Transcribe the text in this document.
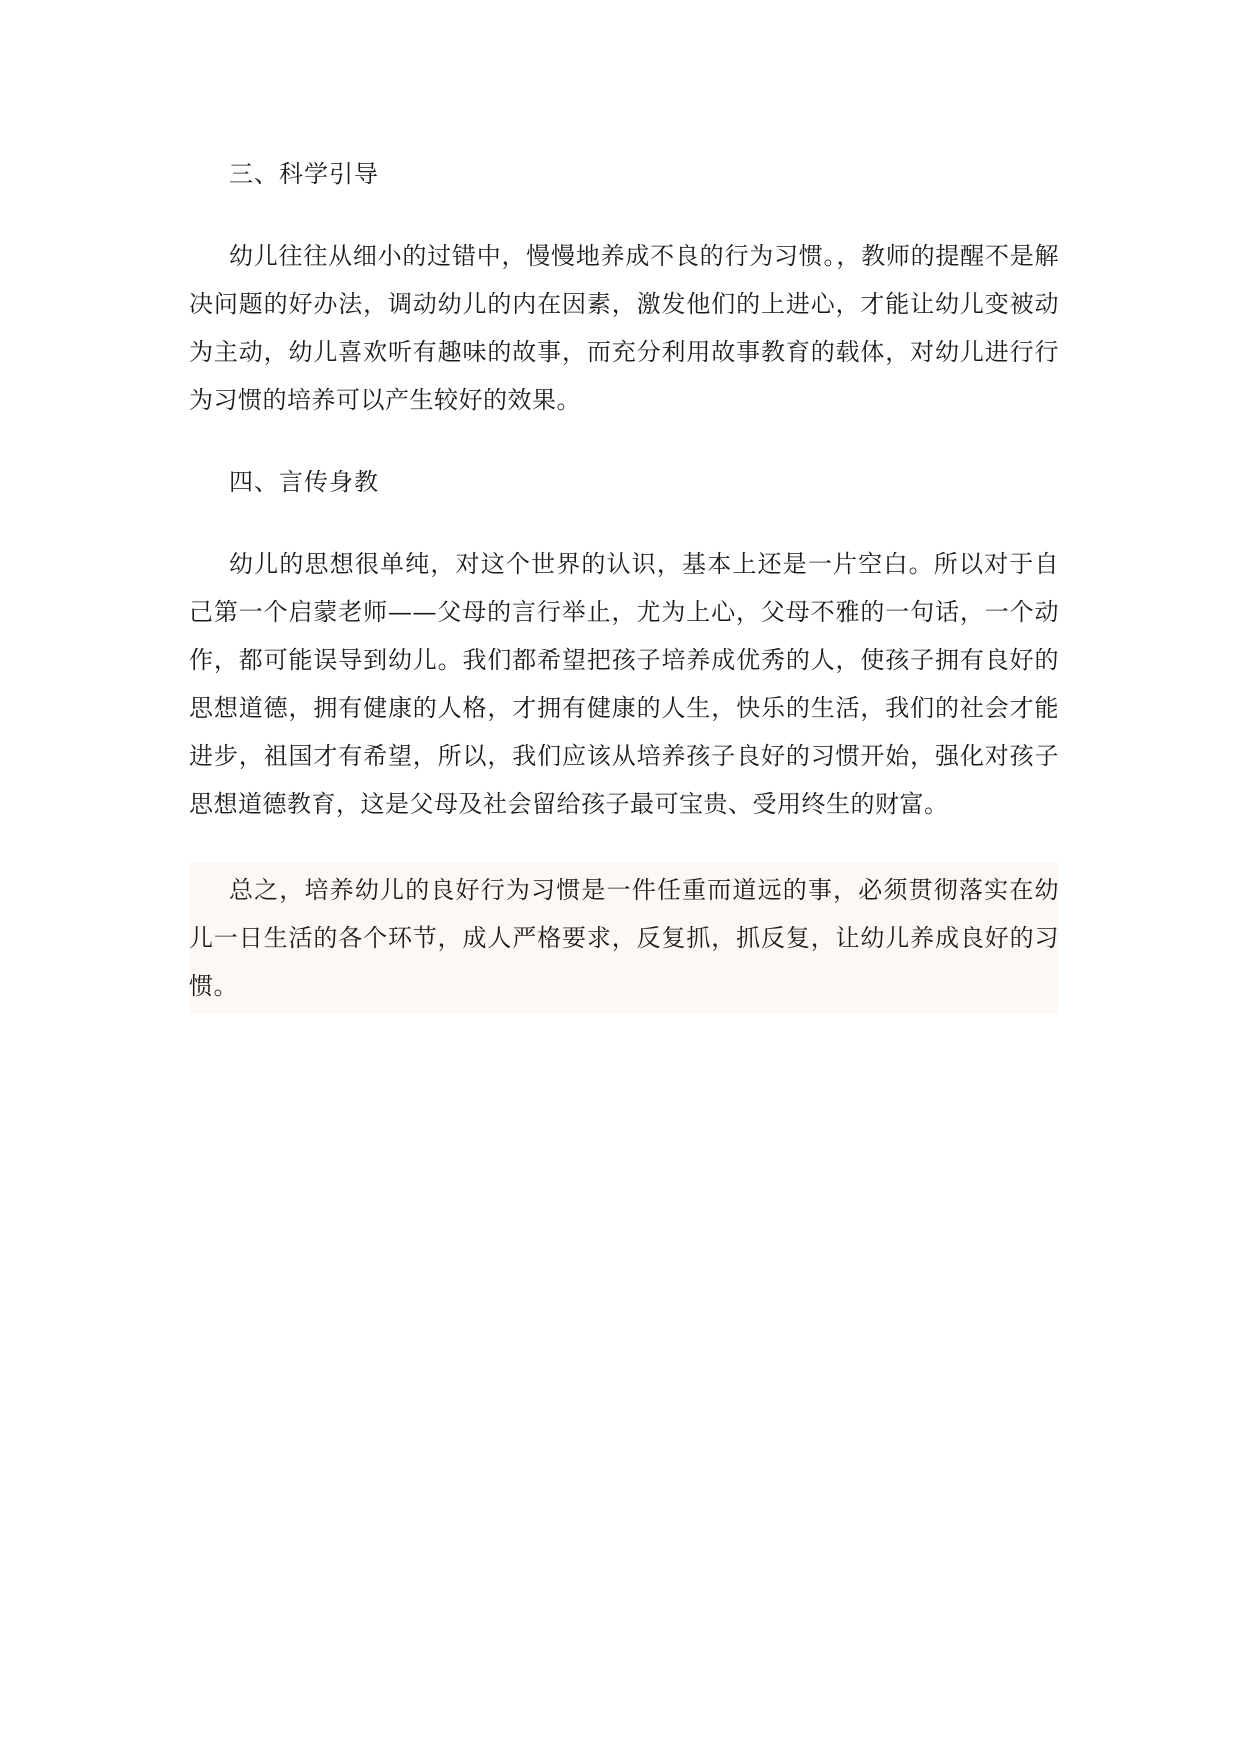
三、科学引导
幼儿往往从细小的过错中，慢慢地养成不良的行为习惯。，教师的提醒不是解决问题的好办法，调动幼儿的内在因素，激发他们的上进心，才能让幼儿变被动为主动，幼儿喜欢听有趣味的故事，而充分利用故事教育的载体，对幼儿进行行为习惯的培养可以产生较好的效果。
四、言传身教
幼儿的思想很单纯，对这个世界的认识，基本上还是一片空白。所以对于自己第一个启蒙老师——父母的言行举止，尤为上心，父母不雅的一句话，一个动作，都可能误导到幼儿。我们都希望把孩子培养成优秀的人，使孩子拥有良好的思想道德，拥有健康的人格，才拥有健康的人生，快乐的生活，我们的社会才能进步，祖国才有希望，所以，我们应该从培养孩子良好的习惯开始，强化对孩子思想道德教育，这是父母及社会留给孩子最可宝贵、受用终生的财富。
总之，培养幼儿的良好行为习惯是一件任重而道远的事，必须贯彻落实在幼儿一日生活的各个环节，成人严格要求，反复抓，抓反复，让幼儿养成良好的习惯。
